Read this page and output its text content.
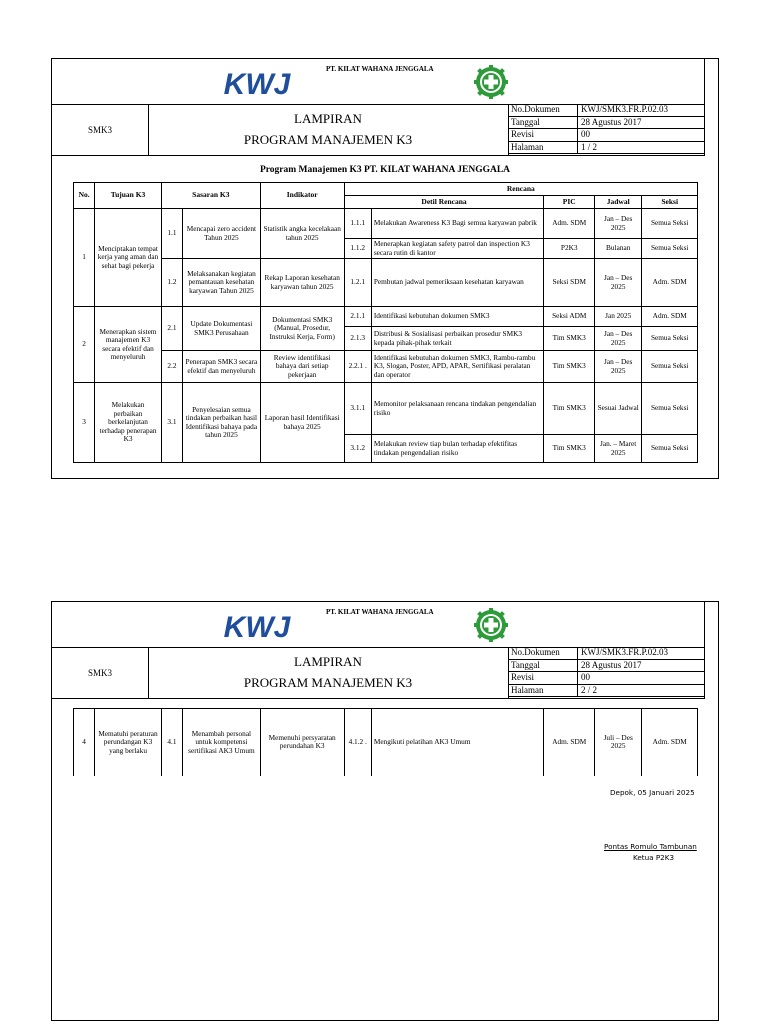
KWJ	PT. KILAT WAHANA JENGGALA
SMK3
LAMPIRAN
PROGRAM MANAJEMEN K3
No.Dokumen	KWJ/SMK3.FR.P.02.03
Tanggal	28 Agustus 2017
Revisi	00
Halaman	1 / 2
Program Manajemen K3 PT. KILAT WAHANA JENGGALA
No.	Tujuan K3	Sasaran K3		Indikator	Rencana				
					Detil Rencana		PIC	Jadwal	Seksi
1	Menciptakan tempat kerja yang aman dan sehat bagi pekerja	1.1	Mencapai zero accident Tahun 2025	Statistik angka kecelakaan tahun 2025	1.1.1	Melakukan Awareness K3 Bagi semua karyawan pabrik	Adm. SDM	Jan – Des 2025	Semua Seksi
					1.1.2	Menerapkan kegiatan safety patrol dan inspection K3 secara rutin di kantor	P2K3	Bulanan	Semua Seksi
		1.2	Melaksanakan kegiatan pemantauan kesehatan karyawan Tahun 2025	Rekap Laporan kesehatan karyawan tahun 2025	1.2.1	Pembutan jadwal pemeriksaan kesehatan karyawan	Seksi SDM	Jan – Des 2025	Adm. SDM
2	Menerapkan sistem manajemen K3 secara efektif dan menyeluruh	2.1	Update Dokumentasi SMK3 Perusahaan	Dokumentasi SMK3 (Manual, Prosedur, Instruksi Kerja, Form)	2.1.1	Identifikasi kebutuhan dokumen SMK3	Seksi ADM	Jan 2025	Adm. SDM
					2.1.3	Distribusi & Sosialisasi perbaikan prosedur SMK3 kepada pihak-pihak terkait	Tim SMK3	Jan – Des 2025	Semua Seksi
		2.2	Penerapan SMK3 secara efektif dan menyeluruh	Review identifikasi bahaya dari setiap pekerjaan	2.2.1 .	Identifikasi kebutuhan dokumen SMK3, Rambu-rambu K3, Slogan, Poster, APD, APAR, Sertifikasi peralatan dan operator	Tim SMK3	Jan – Des 2025	Semua Seksi
3	Melakukan perbaikan berkelanjutan terhadap penerapan K3	3.1	Penyelesaian semua tindakan perbaikan hasil Identifikasi bahaya pada tahun 2025	Laporan hasil Identifikasi bahaya 2025	3.1.1	Memonitor pelaksanaan rencana tindakan pengendalian risiko	Tim SMK3	Sesuai Jadwal	Semua Seksi
					3.1.2	Melakukan review tiap bulan terhadap efektifitas tindakan pengendalian risiko	Tim SMK3	Jan. – Maret 2025	Semua Seksi
KWJ	PT. KILAT WAHANA JENGGALA
SMK3
LAMPIRAN
PROGRAM MANAJEMEN K3
No.Dokumen	KWJ/SMK3.FR.P.02.03
Tanggal	28 Agustus 2017
Revisi	00
Halaman	2 / 2
4	Mematuhi peraturan perundangan K3 yang berlaku	4.1	Menambah personal untuk kompetensi sertifikasi AK3 Umum	Memenuhi persyaratan perundahan K3	4.1.2 .	Mengikuti pelatihan AK3 Umum	Adm. SDM	Juli – Des 2025	Adm. SDM
Depok, 05 Januari 2025
Pontas Romulo Tambunan
Ketua P2K3
